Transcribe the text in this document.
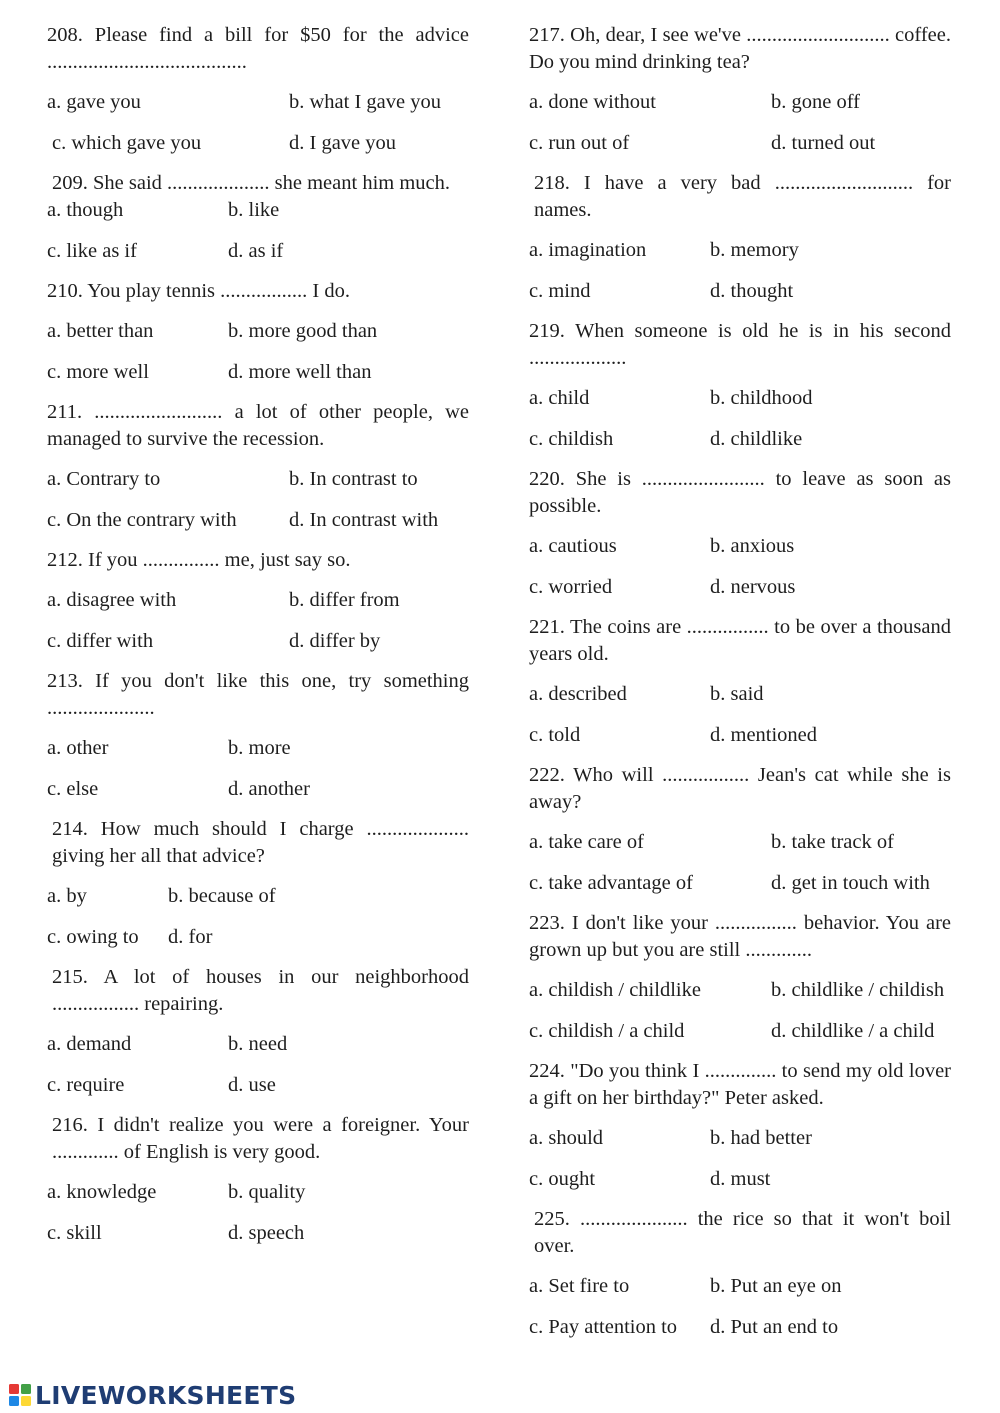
208. Please find a bill for $50 for the advice .......................................

a. gave you	b. what I gave you
c. which gave you	d. I gave you

209. She said .................... she meant him much.

a. though	b. like
c. like as if	d. as if

210. You play tennis ................. I do.

a. better than	b. more good than
c. more well	d. more well than

211. ......................... a lot of other people, we managed to survive the recession.

a. Contrary to	b. In contrast to
c. On the contrary with	d. In contrast with

212. If you ............... me, just say so.

a. disagree with	b. differ from
c. differ with	d. differ by

213. If you don't like this one, try something .....................

a. other	b. more
c. else	d. another

214. How much should I charge .................... giving her all that advice?

a. by	b. because of
c. owing to	d. for

215. A lot of houses in our neighborhood ................. repairing.

a. demand	b. need
c. require	d. use

216. I didn't realize you were a foreigner. Your ............. of English is very good.

a. knowledge	b. quality
c. skill	d. speech

217. Oh, dear, I see we've ............................ coffee. Do you mind drinking tea?

a. done without	b. gone off
c. run out of	d. turned out

218. I have a very bad ........................... for names.

a. imagination	b. memory
c. mind	d. thought

219. When someone is old he is in his second ...................

a. child	b. childhood
c. childish	d. childlike

220. She is ........................ to leave as soon as possible.

a. cautious	b. anxious
c. worried	d. nervous

221. The coins are ................ to be over a thousand years old.

a. described	b. said
c. told	d. mentioned

222. Who will ................. Jean's cat while she is away?

a. take care of	b. take track of
c. take advantage of	d. get in touch with

223. I don't like your ................ behavior. You are grown up but you are still .............

a. childish / childlike	b. childlike / childish
c. childish / a child	d. childlike / a child

224. "Do you think I .............. to send my old lover a gift on her birthday?" Peter asked.

a. should	b. had better
c. ought	d. must

225. ..................... the rice so that it won't boil over.

a. Set fire to	b. Put an eye on
c. Pay attention to	d. Put an end to
LIVEWORKSHEETS
